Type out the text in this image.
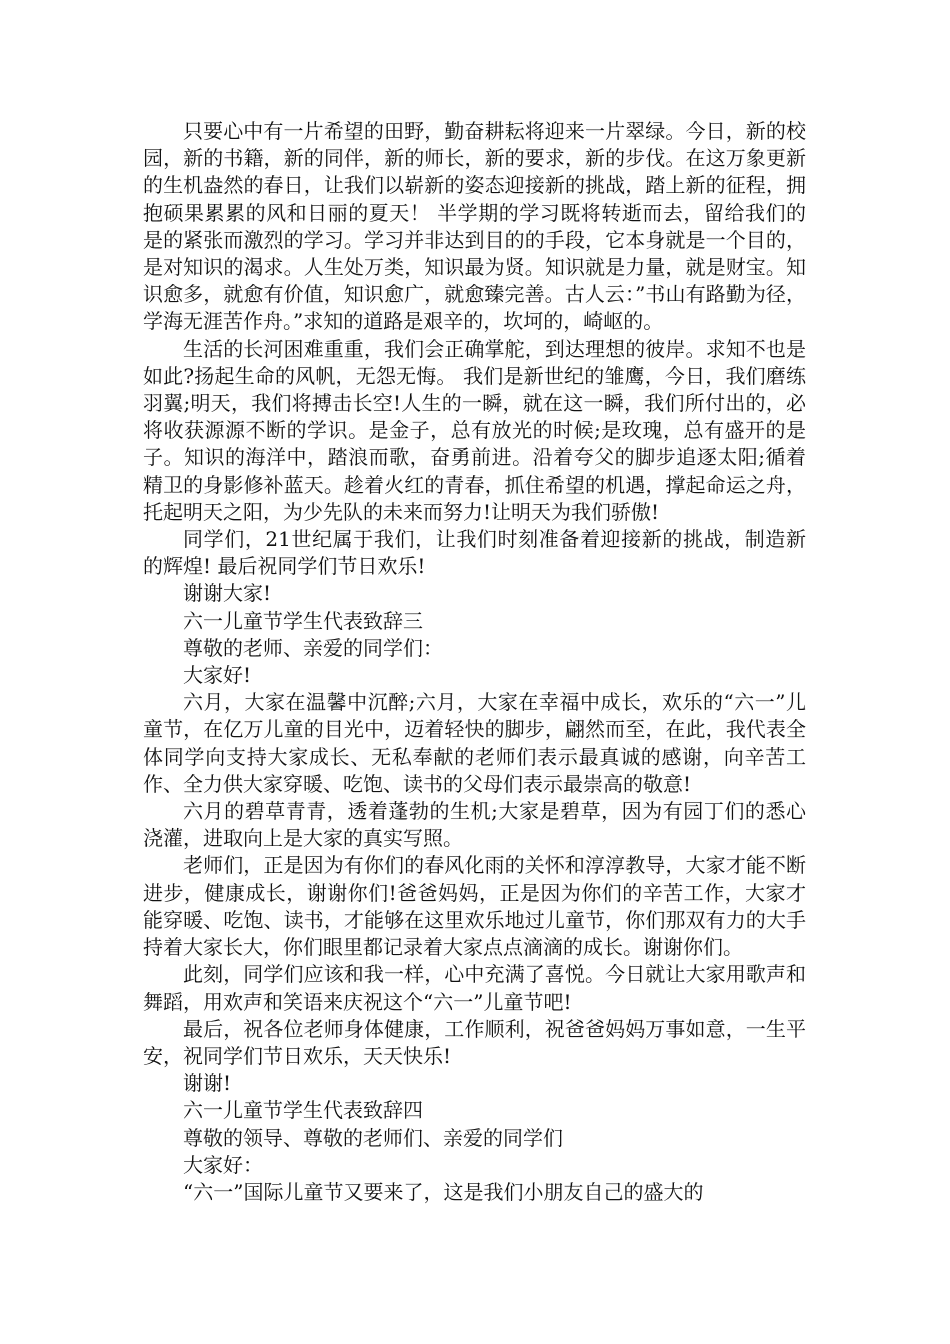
只要心中有一片希望的田野，勤奋耕耘将迎来一片翠绿。今日，新的校园，新的书籍，新的同伴，新的师长，新的要求，新的步伐。在这万象更新的生机盎然的春日，让我们以崭新的姿态迎接新的挑战，踏上新的征程，拥抱硕果累累的风和日丽的夏天！ 半学期的学习既将转逝而去，留给我们的是的紧张而激烈的学习。学习并非达到目的的手段，它本身就是一个目的，是对知识的渴求。人生处万类，知识最为贤。知识就是力量，就是财宝。知识愈多，就愈有价值，知识愈广，就愈臻完善。古人云：”书山有路勤为径，学海无涯苦作舟。”求知的道路是艰辛的，坎坷的，崎岖的。

生活的长河困难重重，我们会正确掌舵，到达理想的彼岸。求知不也是如此?扬起生命的风帆，无怨无悔。 我们是新世纪的雏鹰，今日，我们磨练羽翼;明天，我们将搏击长空!人生的一瞬，就在这一瞬，我们所付出的，必将收获源源不断的学识。是金子，总有放光的时候;是玫瑰，总有盛开的是子。知识的海洋中，踏浪而歌，奋勇前进。沿着夸父的脚步追逐太阳;循着精卫的身影修补蓝天。趁着火红的青春，抓住希望的机遇，撑起命运之舟，托起明天之阳，为少先队的未来而努力!让明天为我们骄傲!

同学们，21世纪属于我们，让我们时刻准备着迎接新的挑战，制造新的辉煌! 最后祝同学们节日欢乐!

谢谢大家!

六一儿童节学生代表致辞三

尊敬的老师、亲爱的同学们：

大家好!

六月，大家在温馨中沉醉;六月，大家在幸福中成长，欢乐的“六一”儿童节，在亿万儿童的目光中，迈着轻快的脚步，翩然而至，在此，我代表全体同学向支持大家成长、无私奉献的老师们表示最真诚的感谢，向辛苦工作、全力供大家穿暖、吃饱、读书的父母们表示最崇高的敬意!

六月的碧草青青，透着蓬勃的生机;大家是碧草，因为有园丁们的悉心浇灌，进取向上是大家的真实写照。

老师们，正是因为有你们的春风化雨的关怀和淳淳教导，大家才能不断进步，健康成长，谢谢你们!爸爸妈妈，正是因为你们的辛苦工作，大家才能穿暖、吃饱、读书，才能够在这里欢乐地过儿童节，你们那双有力的大手持着大家长大，你们眼里都记录着大家点点滴滴的成长。谢谢你们。

此刻，同学们应该和我一样，心中充满了喜悦。今日就让大家用歌声和舞蹈，用欢声和笑语来庆祝这个“六一”儿童节吧!

最后，祝各位老师身体健康，工作顺利，祝爸爸妈妈万事如意，一生平安，祝同学们节日欢乐，天天快乐!

谢谢!

六一儿童节学生代表致辞四

尊敬的领导、尊敬的老师们、亲爱的同学们

大家好：

“六一”国际儿童节又要来了，这是我们小朋友自己的盛大的
